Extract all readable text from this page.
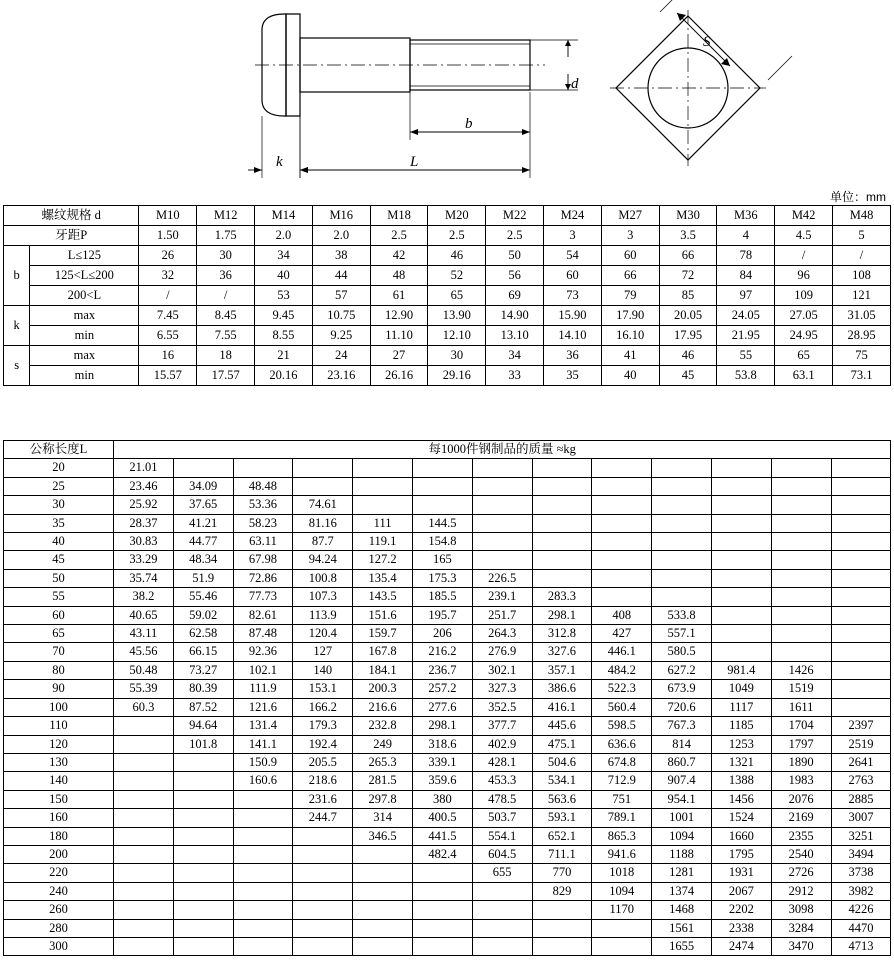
S
d
b
k	L
单位：mm
螺纹规格 d		M10	M12	M14	M16	M18	M20	M22	M24	M27	M30	M36	M42	M48
牙距P		1.50	1.75	2.0	2.0	2.5	2.5	2.5	3	3	3.5	4	4.5	5
b	L≤125	26	30	34	38	42	46	50	54	60	66	78	/	/
	125<L≤200	32	36	40	44	48	52	56	60	66	72	84	96	108
	200<L	/	/	53	57	61	65	69	73	79	85	97	109	121
k	max	7.45	8.45	9.45	10.75	12.90	13.90	14.90	15.90	17.90	20.05	24.05	27.05	31.05
	min	6.55	7.55	8.55	9.25	11.10	12.10	13.10	14.10	16.10	17.95	21.95	24.95	28.95
s	max	16	18	21	24	27	30	34	36	41	46	55	65	75
	min	15.57	17.57	20.16	23.16	26.16	29.16	33	35	40	45	53.8	63.1	73.1
公称长度L	每1000件钢制品的质量 ≈kg												
20	21.01												
25	23.46	34.09	48.48										
30	25.92	37.65	53.36	74.61									
35	28.37	41.21	58.23	81.16	111	144.5							
40	30.83	44.77	63.11	87.7	119.1	154.8							
45	33.29	48.34	67.98	94.24	127.2	165							
50	35.74	51.9	72.86	100.8	135.4	175.3	226.5						
55	38.2	55.46	77.73	107.3	143.5	185.5	239.1	283.3					
60	40.65	59.02	82.61	113.9	151.6	195.7	251.7	298.1	408	533.8			
65	43.11	62.58	87.48	120.4	159.7	206	264.3	312.8	427	557.1			
70	45.56	66.15	92.36	127	167.8	216.2	276.9	327.6	446.1	580.5			
80	50.48	73.27	102.1	140	184.1	236.7	302.1	357.1	484.2	627.2	981.4	1426	
90	55.39	80.39	111.9	153.1	200.3	257.2	327.3	386.6	522.3	673.9	1049	1519	
100	60.3	87.52	121.6	166.2	216.6	277.6	352.5	416.1	560.4	720.6	1117	1611	
110		94.64	131.4	179.3	232.8	298.1	377.7	445.6	598.5	767.3	1185	1704	2397
120		101.8	141.1	192.4	249	318.6	402.9	475.1	636.6	814	1253	1797	2519
130			150.9	205.5	265.3	339.1	428.1	504.6	674.8	860.7	1321	1890	2641
140			160.6	218.6	281.5	359.6	453.3	534.1	712.9	907.4	1388	1983	2763
150				231.6	297.8	380	478.5	563.6	751	954.1	1456	2076	2885
160				244.7	314	400.5	503.7	593.1	789.1	1001	1524	2169	3007
180					346.5	441.5	554.1	652.1	865.3	1094	1660	2355	3251
200						482.4	604.5	711.1	941.6	1188	1795	2540	3494
220							655	770	1018	1281	1931	2726	3738
240								829	1094	1374	2067	2912	3982
260									1170	1468	2202	3098	4226
280										1561	2338	3284	4470
300										1655	2474	3470	4713
